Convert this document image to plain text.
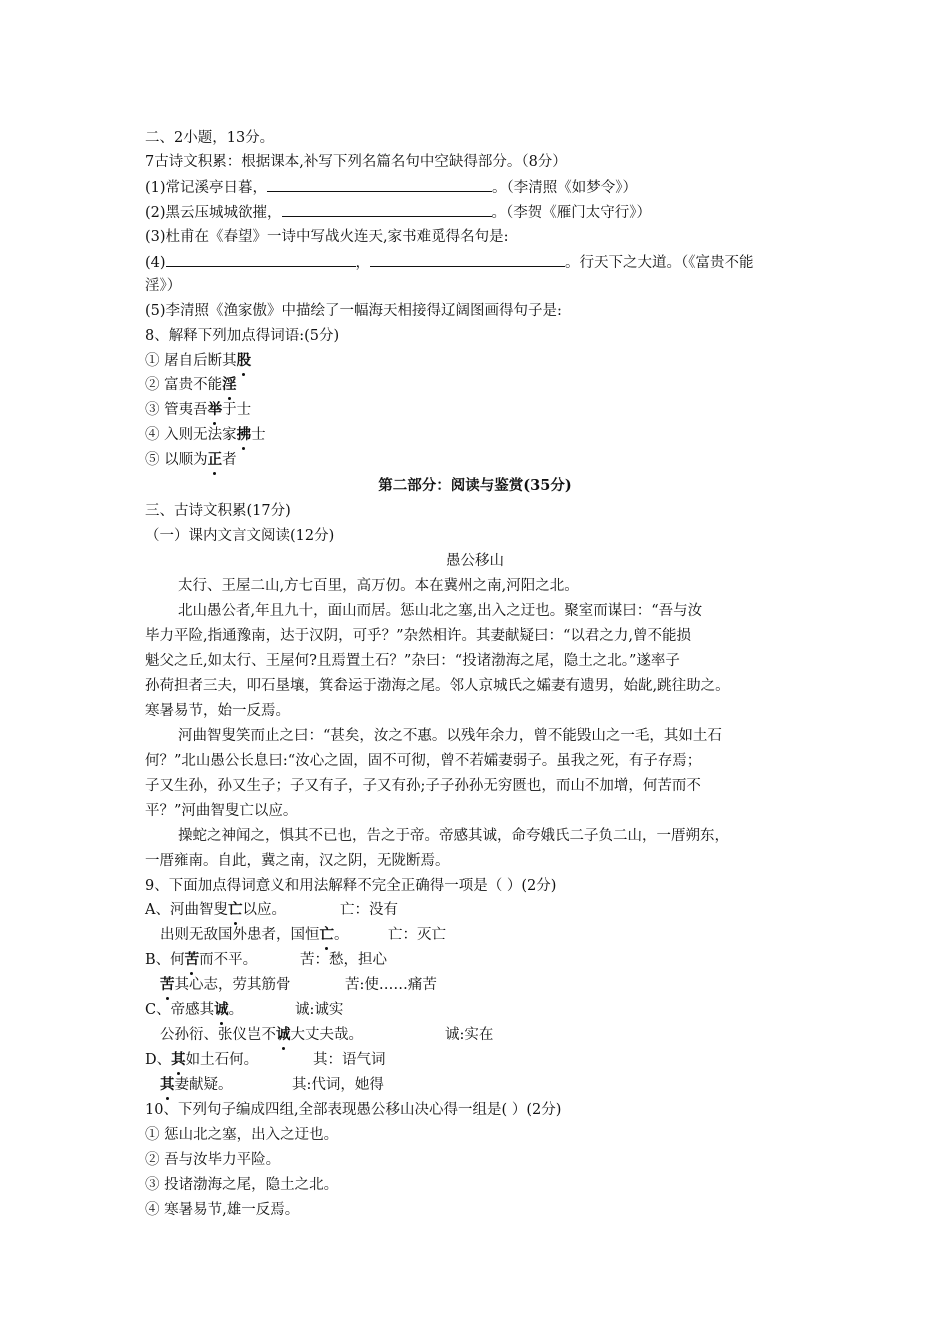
二、2小题，13分。
7古诗文积累：根据课本,补写下列名篇名句中空缺得部分。（8分）
(1)常记溪亭日暮，	。（李清照《如梦令》）
(2)黑云压城城欲摧，	。（李贺《雁门太守行》）
(3)杜甫在《春望》一诗中写战火连天,家书难觅得名句是:
(4)	，	。行天下之大道。（《富贵不能
淫》）
(5)李清照《渔家傲》中描绘了一幅海天相接得辽阔图画得句子是:
8、解释下列加点得词语:(5分)
① 屠自后断其股
② 富贵不能淫
③ 管夷吾举于士
④ 入则无法家拂士
⑤ 以顺为正者
第二部分：阅读与鉴赏(35分)
三、古诗文积累(17分)
（一）课内文言文阅读(12分)
愚公移山
太行、王屋二山,方七百里，高万仞。本在冀州之南,河阳之北。
北山愚公者,年且九十，面山而居。惩山北之塞,出入之迂也。聚室而谋曰：“吾与汝
毕力平险,指通豫南，达于汉阴，可乎？”杂然相许。其妻献疑曰：“以君之力,曾不能损
魁父之丘,如太行、王屋何?且焉置土石？”杂曰：“投诸渤海之尾，隐土之北。”遂率子
孙荷担者三夫，叩石垦壤，箕畚运于渤海之尾。邻人京城氏之孀妻有遗男，始龀,跳往助之。
寒暑易节，始一反焉。
河曲智叟笑而止之曰：“甚矣，汝之不惠。以残年余力，曾不能毁山之一毛，其如土石
何？”北山愚公长息曰:“汝心之固，固不可彻，曾不若孀妻弱子。虽我之死，有子存焉；
子又生孙，孙又生子；子又有子，子又有孙;子子孙孙无穷匮也，而山不加增，何苦而不
平？”河曲智叟亡以应。
操蛇之神闻之，惧其不已也，告之于帝。帝感其诚，命夸娥氏二子负二山，一厝朔东，
一厝雍南。自此，冀之南，汉之阴，无陇断焉。
9、下面加点得词意义和用法解释不完全正确得一项是（ ）(2分)
A、河曲智叟亡以应。	亡：没有
出则无敌国外患者，国恒亡。	亡：灭亡
B、何苦而不平。	苦：愁，担心
苦其心志，劳其筋骨	苦:使……痛苦
C、帝感其诚。	诚:诚实
公孙衍、张仪岂不诚大丈夫哉。	诚:实在
D、其如土石何。	其：语气词
其妻献疑。	其:代词，她得
10、下列句子编成四组,全部表现愚公移山决心得一组是( ）(2分)
① 惩山北之塞，出入之迂也。
② 吾与汝毕力平险。
③ 投诸渤海之尾，隐土之北。
④ 寒暑易节,雄一反焉。
